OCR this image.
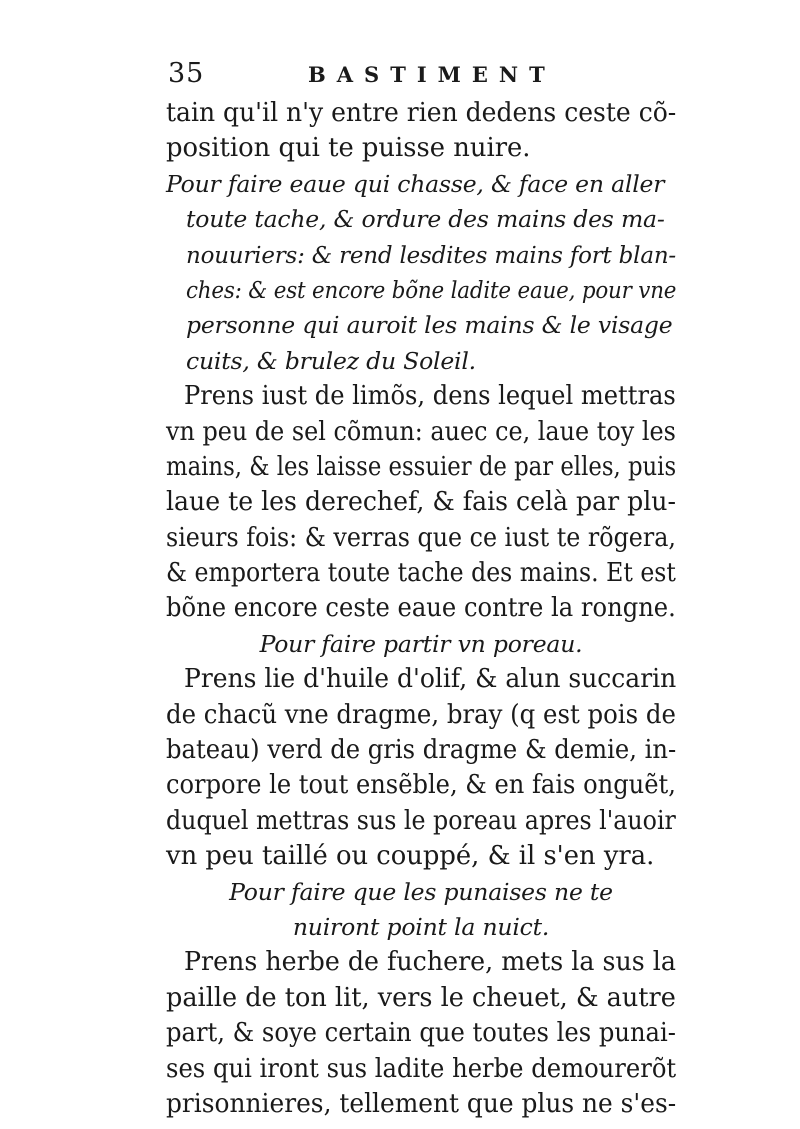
35	BASTIMENT
tain qu'il n'y entre rien dedens ceste cõ-
position qui te puisse nuire.
Pour faire eaue qui chasse, & face en aller
toute tache, & ordure des mains des ma-
nouuriers: & rend lesdites mains fort blan-
ches: & est encore bõne ladite eaue, pour vne
personne qui auroit les mains & le visage
cuits, & brulez du Soleil.
Prens iust de limõs, dens lequel mettras
vn peu de sel cõmun: auec ce, laue toy les
mains, & les laisse essuier de par elles, puis
laue te les derechef, & fais celà par plu-
sieurs fois: & verras que ce iust te rõgera,
& emportera toute tache des mains. Et est
bõne encore ceste eaue contre la rongne.
Pour faire partir vn poreau.
Prens lie d'huile d'olif, & alun succarin
de chacũ vne dragme, bray (q est pois de
bateau) verd de gris dragme & demie, in-
corpore le tout ensẽble, & en fais onguẽt,
duquel mettras sus le poreau apres l'auoir
vn peu taillé ou couppé, & il s'en yra.
Pour faire que les punaises ne te
nuiront point la nuict.
Prens herbe de fuchere, mets la sus la
paille de ton lit, vers le cheuet, & autre
part, & soye certain que toutes les punai-
ses qui iront sus ladite herbe demourerõt
prisonnieres, tellement que plus ne s'es-
